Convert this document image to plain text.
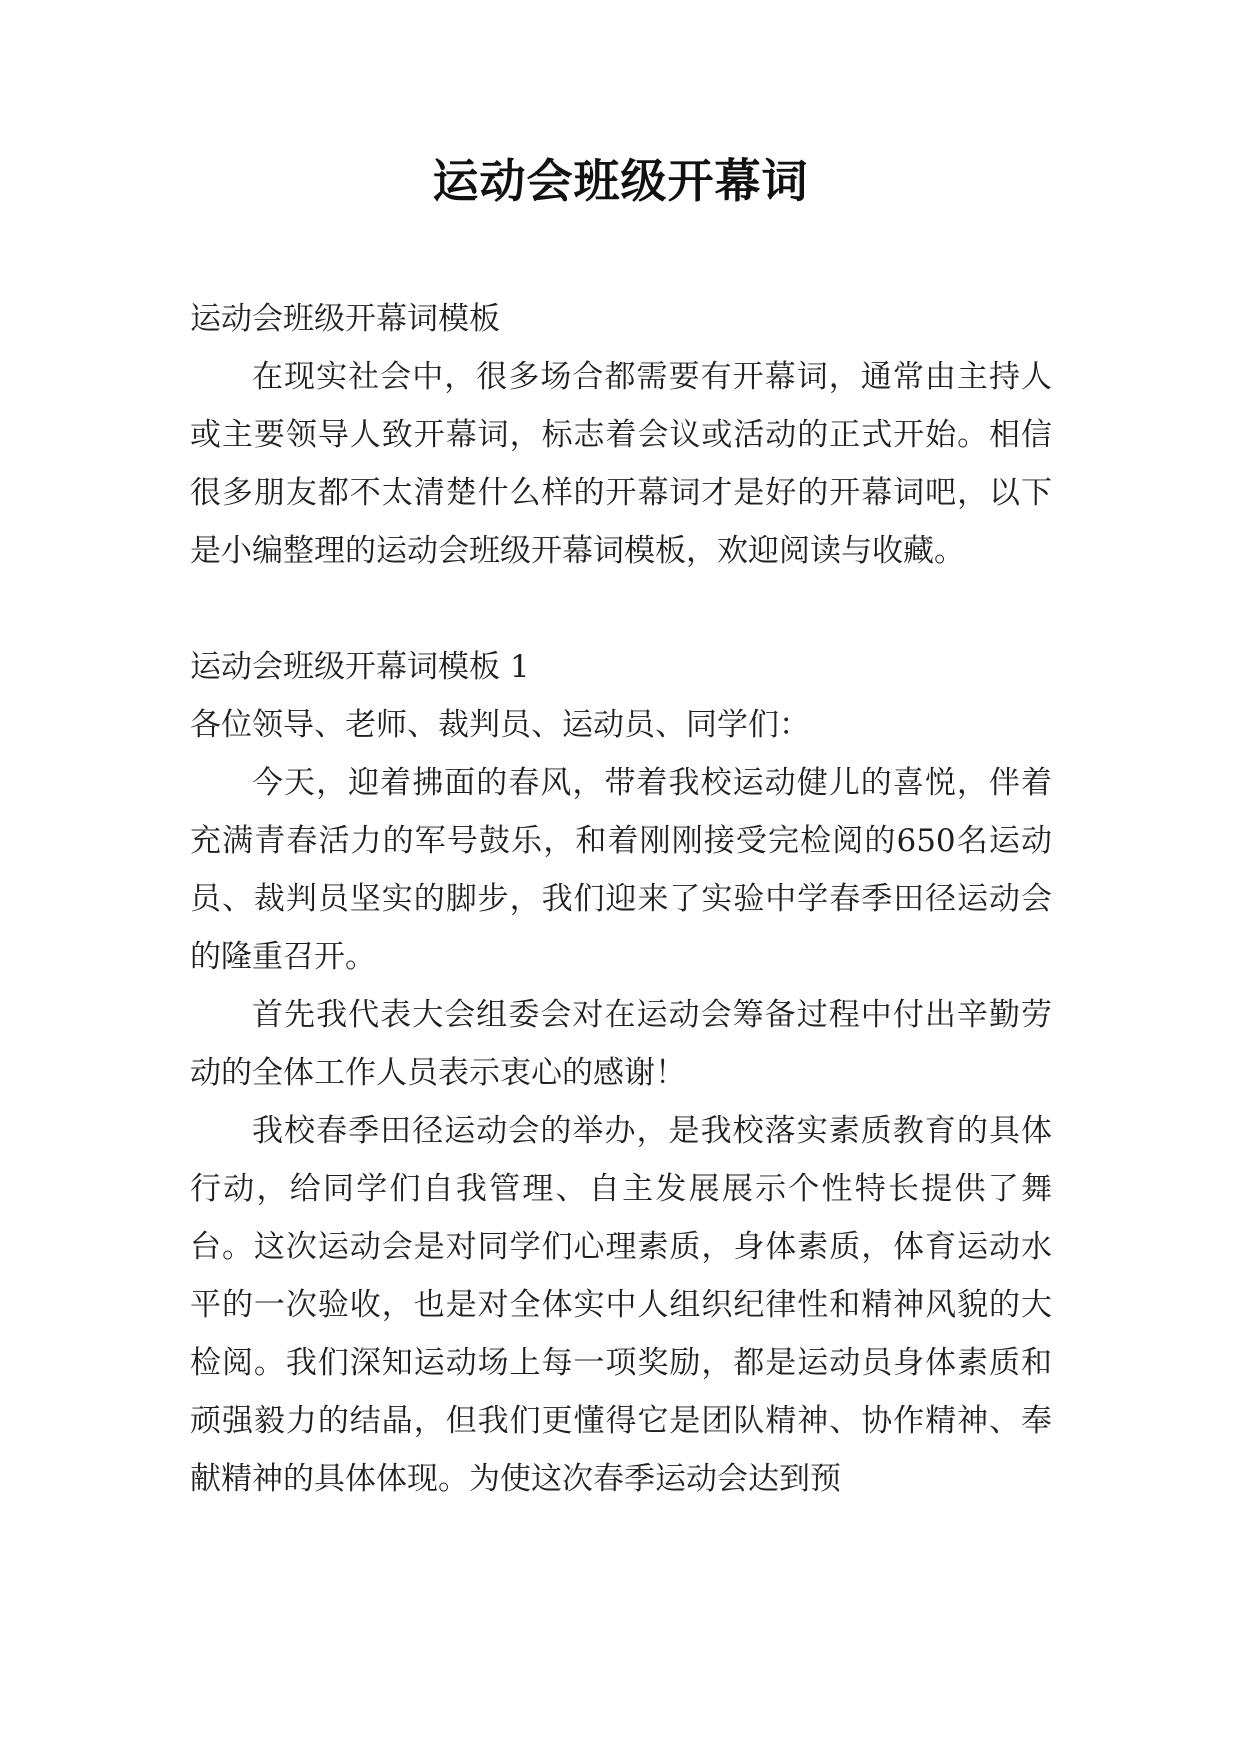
运动会班级开幕词

运动会班级开幕词模板

在现实社会中，很多场合都需要有开幕词，通常由主持人或主要领导人致开幕词，标志着会议或活动的正式开始。相信很多朋友都不太清楚什么样的开幕词才是好的开幕词吧，以下是小编整理的运动会班级开幕词模板，欢迎阅读与收藏。

运动会班级开幕词模板 1

各位领导、老师、裁判员、运动员、同学们：

今天，迎着拂面的春风，带着我校运动健儿的喜悦，伴着充满青春活力的军号鼓乐，和着刚刚接受完检阅的650名运动员、裁判员坚实的脚步，我们迎来了实验中学春季田径运动会的隆重召开。

首先我代表大会组委会对在运动会筹备过程中付出辛勤劳动的全体工作人员表示衷心的感谢！

我校春季田径运动会的举办，是我校落实素质教育的具体行动，给同学们自我管理、自主发展展示个性特长提供了舞台。这次运动会是对同学们心理素质，身体素质，体育运动水平的一次验收，也是对全体实中人组织纪律性和精神风貌的大检阅。我们深知运动场上每一项奖励，都是运动员身体素质和顽强毅力的结晶，但我们更懂得它是团队精神、协作精神、奉献精神的具体体现。为使这次春季运动会达到预
